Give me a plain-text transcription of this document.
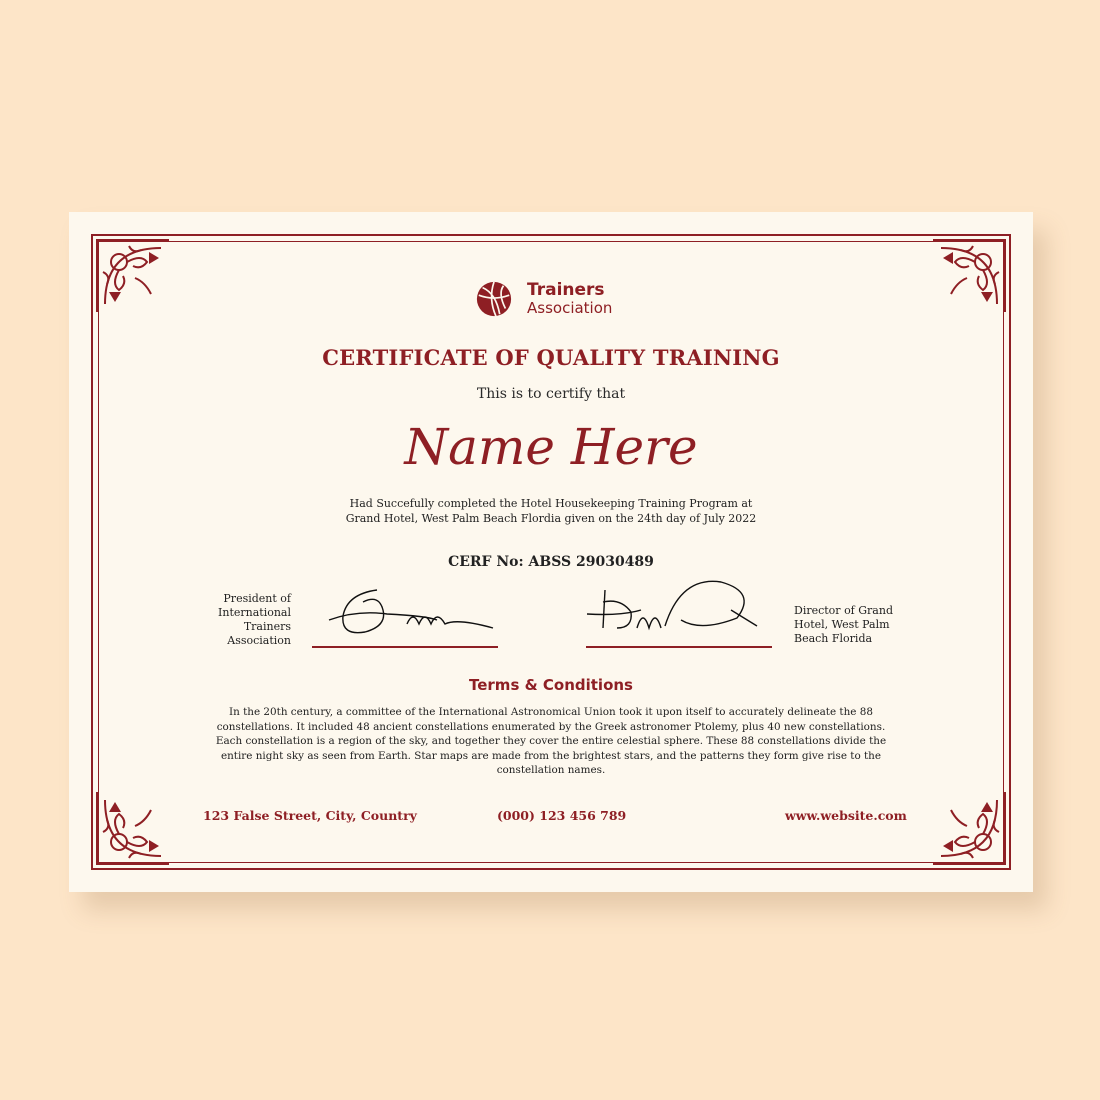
Trainers
Association
CERTIFICATE OF QUALITY TRAINING
This is to certify that
Name Here
Had Succefully completed the Hotel Housekeeping Training Program at Grand Hotel, West Palm Beach Flordia given on the 24th day of July 2022
CERF No: ABSS 29030489
President of International Trainers Association
Director of Grand Hotel, West Palm Beach Florida
Terms & Conditions
In the 20th century, a committee of the International Astronomical Union took it upon itself to accurately delineate the 88 constellations. It included 48 ancient constellations enumerated by the Greek astronomer Ptolemy, plus 40 new constellations. Each constellation is a region of the sky, and together they cover the entire celestial sphere. These 88 constellations divide the entire night sky as seen from Earth. Star maps are made from the brightest stars, and the patterns they form give rise to the constellation names.
123 False Street, City, Country	(000) 123 456 789	www.website.com
